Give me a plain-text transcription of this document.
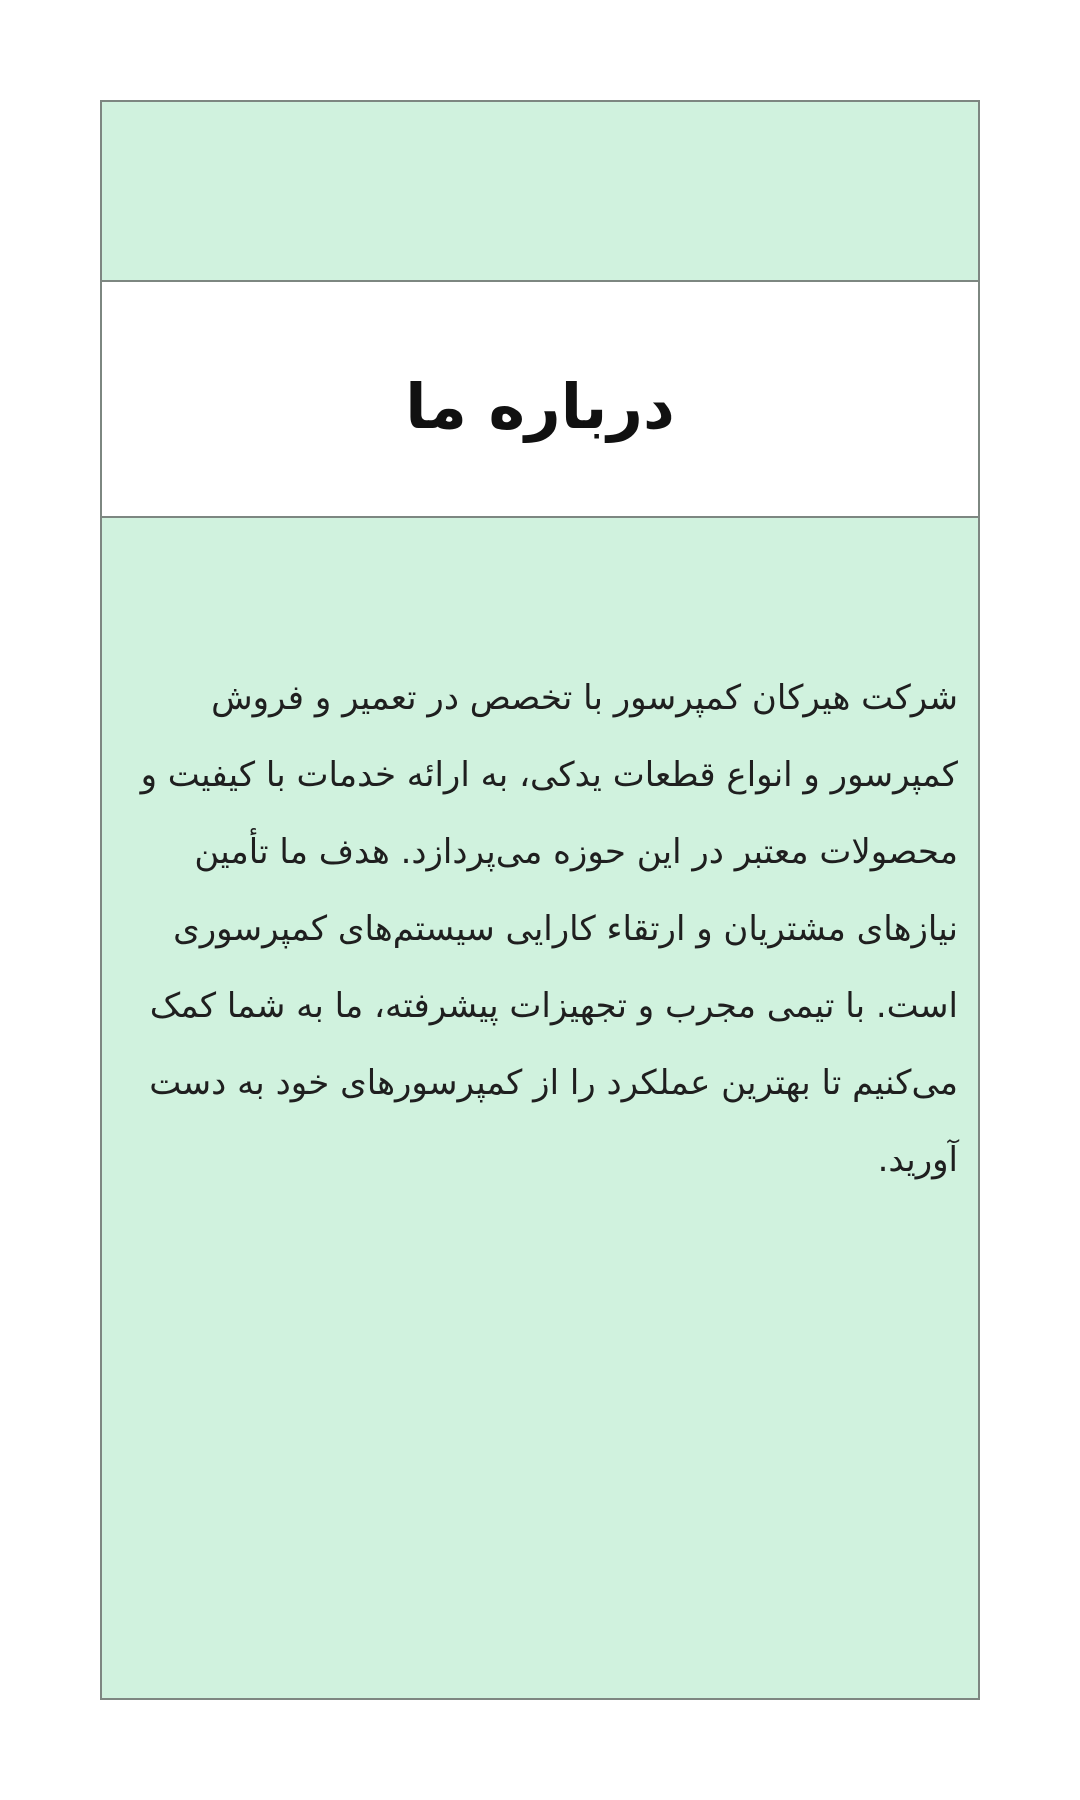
درباره ما
شرکت هیرکان کمپرسور با تخصص در تعمیر و فروش
کمپرسور و انواع قطعات یدکی، به ارائه خدمات با کیفیت و
محصولات معتبر در این حوزه می‌پردازد. هدف ما تأمین
نیازهای مشتریان و ارتقاء کارایی سیستم‌های کمپرسوری
است. با تیمی مجرب و تجهیزات پیشرفته، ما به شما کمک
می‌کنیم تا بهترین عملکرد را از کمپرسورهای خود به دست
آورید.
